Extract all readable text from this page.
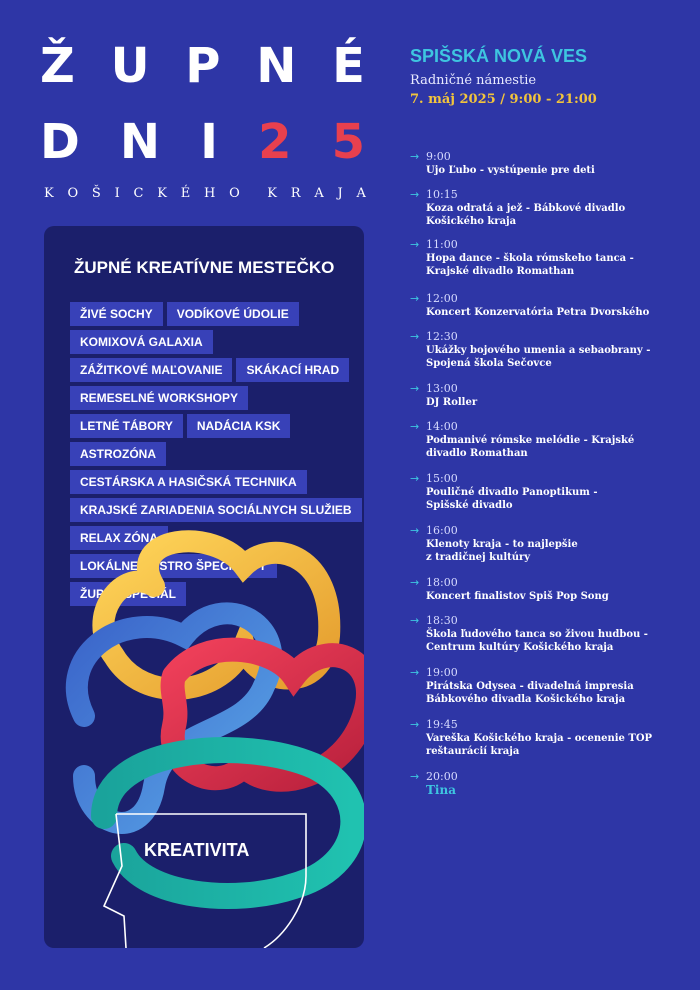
Ž U P N É
D N I 2 5
K O Š I C K É H O K R A J A
SPIŠSKÁ NOVÁ VES
Radničné námestie
7. máj 2025 / 9:00 - 21:00
ŽUPNÉ KREATÍVNE MESTEČKO
ŽIVÉ SOCHY	VODÍKOVÉ ÚDOLIE
KOMIXOVÁ GALAXIA
ZÁŽITKOVÉ MAĽOVANIE	SKÁKACÍ HRAD
REMESELNÉ WORKSHOPY
LETNÉ TÁBORY	NADÁCIA KSK
ASTROZÓNA
CESTÁRSKA A HASIČSKÁ TECHNIKA
KRAJSKÉ ZARIADENIA SOCIÁLNYCH SLUŽIEB
RELAX ZÓNA
LOKÁLNE GASTRO ŠPECIALITY
ŽUPNÝ ŠPECIÁL
KREATIVITA
→ 9:00
Ujo Ľubo - vystúpenie pre deti
→ 10:15
Koza odratá a jež - Bábkové divadlo
Košického kraja
→ 11:00
Hopa dance - škola rómskeho tanca -
Krajské divadlo Romathan
→ 12:00
Koncert Konzervatória Petra Dvorského
→ 12:30
Ukážky bojového umenia a sebaobrany -
Spojená škola Sečovce
→ 13:00
DJ Roller
→ 14:00
Podmanivé rómske melódie - Krajské
divadlo Romathan
→ 15:00
Pouličné divadlo Panoptikum -
Spišské divadlo
→ 16:00
Klenoty kraja - to najlepšie
z tradičnej kultúry
→ 18:00
Koncert finalistov Spiš Pop Song
→ 18:30
Škola ľudového tanca so živou hudbou -
Centrum kultúry Košického kraja
→ 19:00
Pirátska Odysea - divadelná impresia
Bábkového divadla Košického kraja
→ 19:45
Vareška Košického kraja - ocenenie TOP
reštaurácií kraja
→ 20:00
Tina
